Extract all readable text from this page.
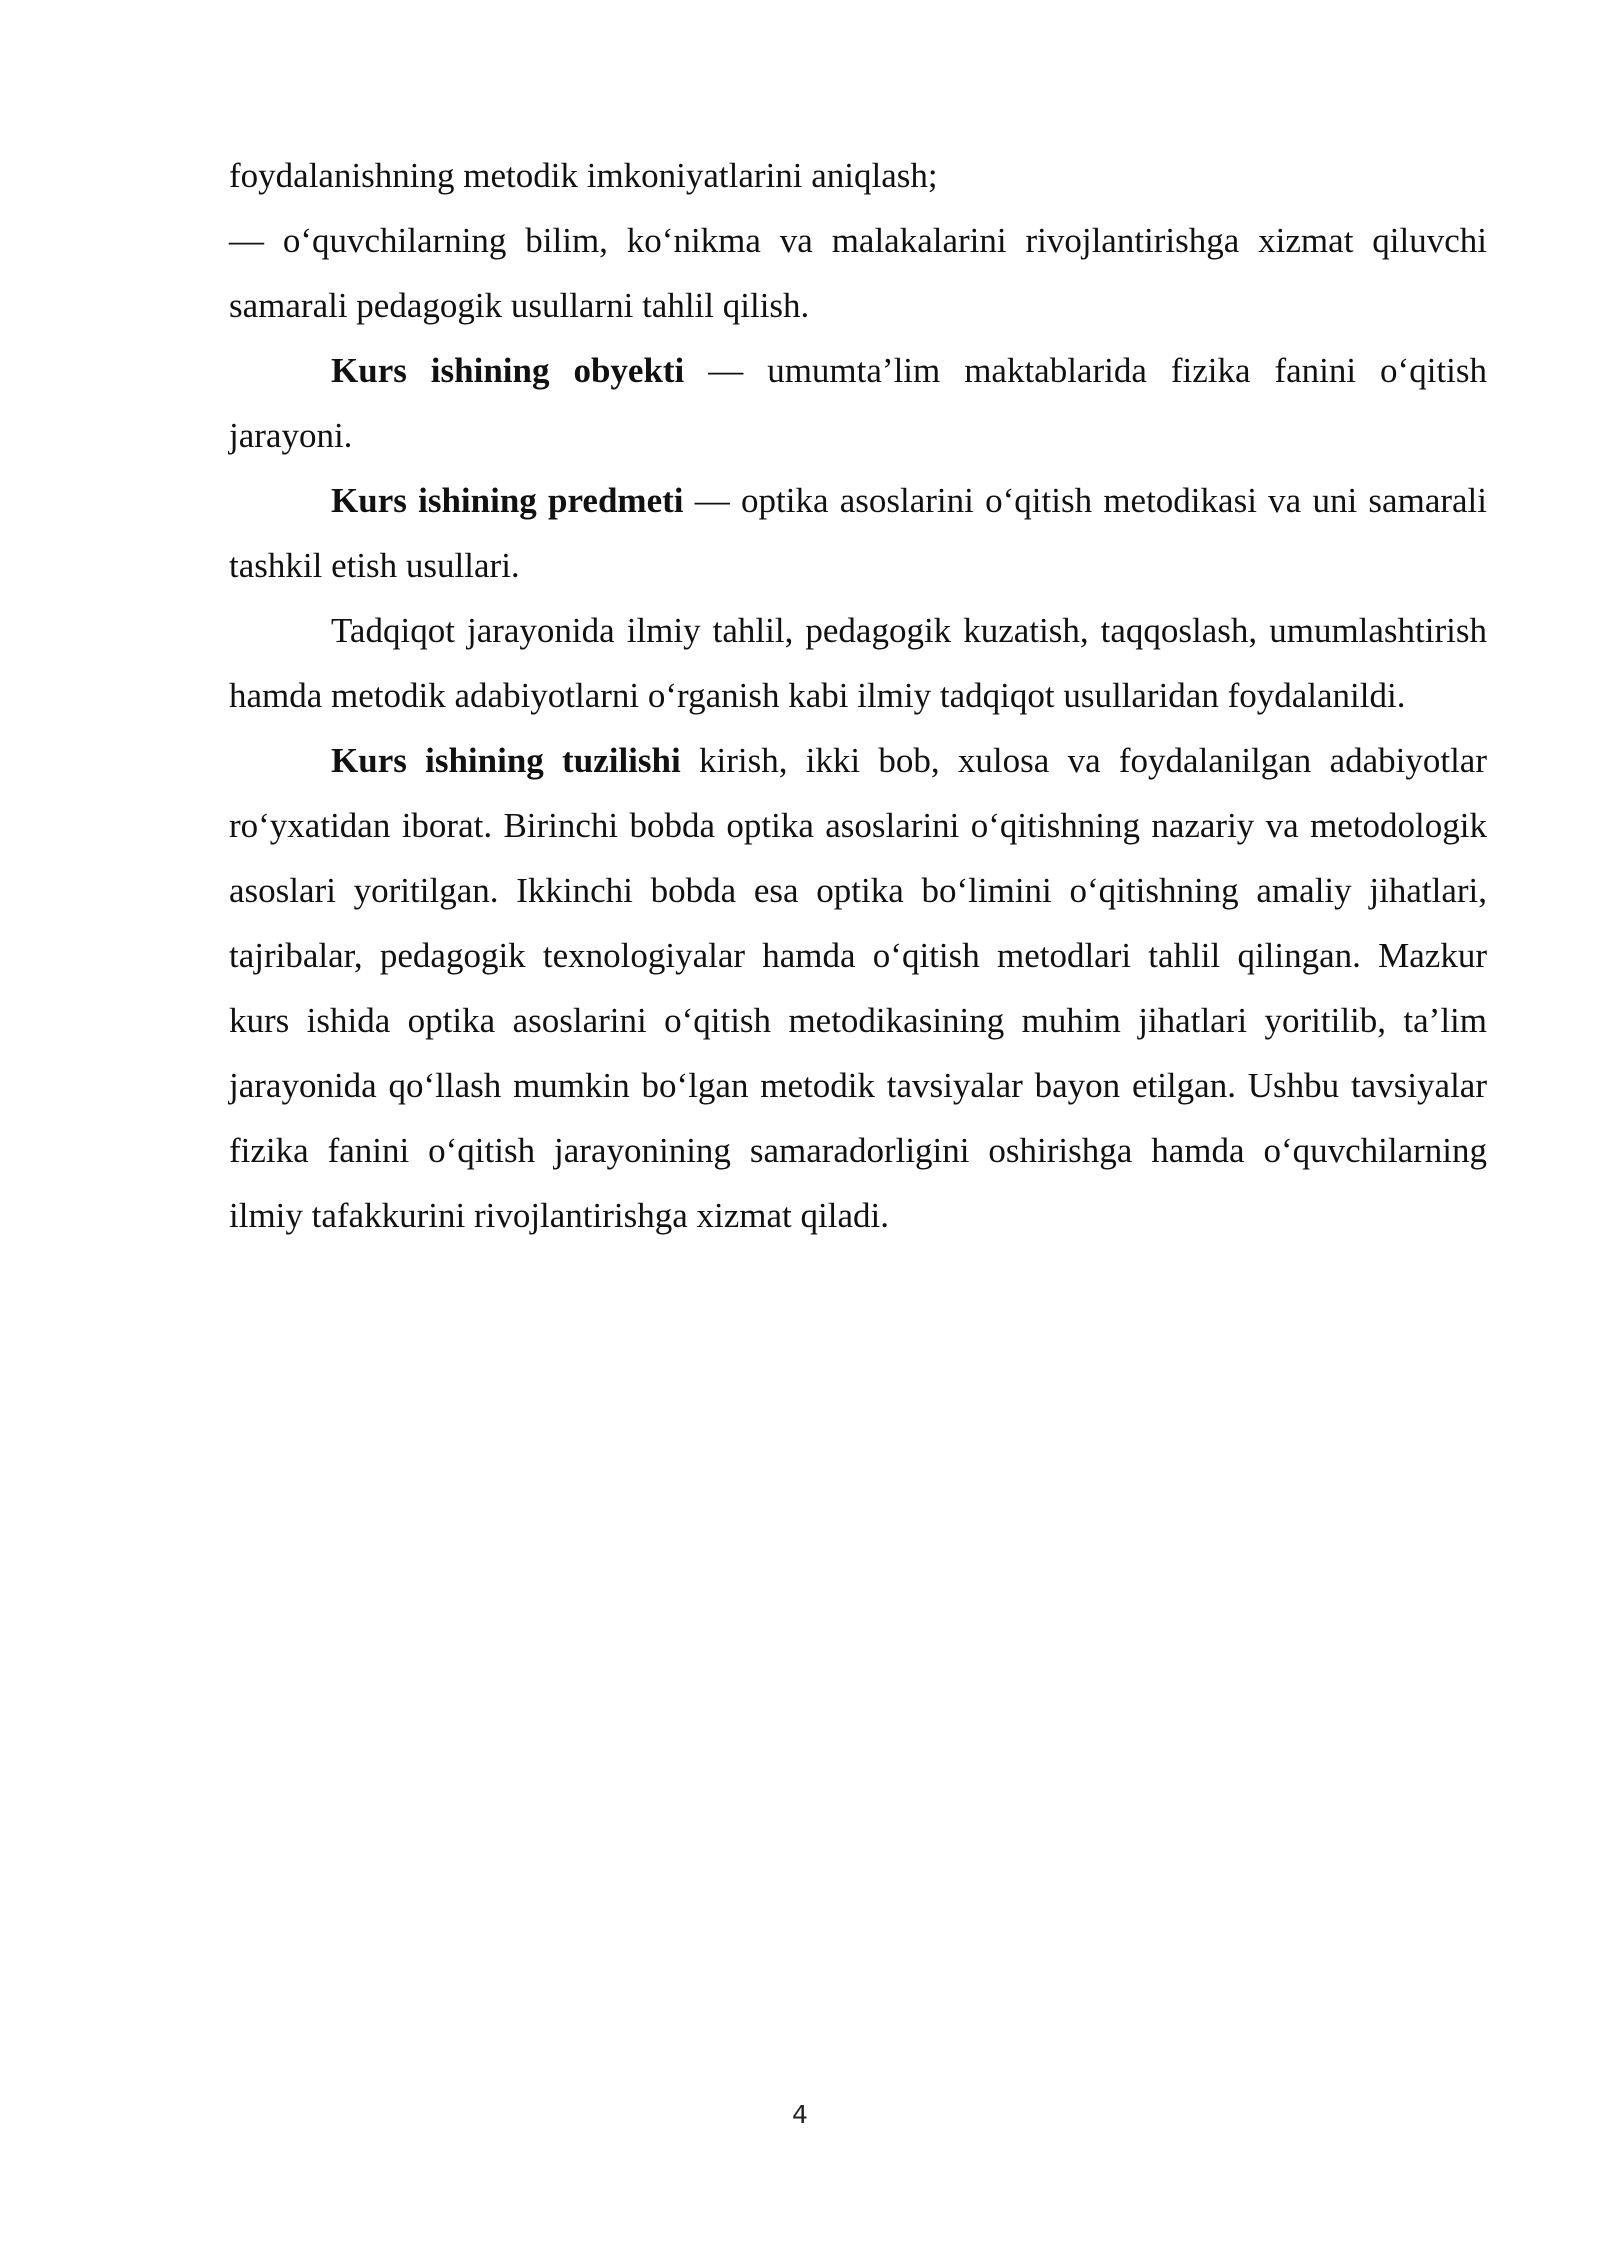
foydalanishning metodik imkoniyatlarini aniqlash;

— o‘quvchilarning bilim, ko‘nikma va malakalarini rivojlantirishga xizmat qiluvchi samarali pedagogik usullarni tahlil qilish.

Kurs ishining obyekti — umumta’lim maktablarida fizika fanini o‘qitish jarayoni.

Kurs ishining predmeti — optika asoslarini o‘qitish metodikasi va uni samarali tashkil etish usullari.

Tadqiqot jarayonida ilmiy tahlil, pedagogik kuzatish, taqqoslash, umumlashtirish hamda metodik adabiyotlarni o‘rganish kabi ilmiy tadqiqot usullaridan foydalanildi.

Kurs ishining tuzilishi kirish, ikki bob, xulosa va foydalanilgan adabiyotlar ro‘yxatidan iborat. Birinchi bobda optika asoslarini o‘qitishning nazariy va metodologik asoslari yoritilgan. Ikkinchi bobda esa optika bo‘limini o‘qitishning amaliy jihatlari, tajribalar, pedagogik texnologiyalar hamda o‘qitish metodlari tahlil qilingan. Mazkur kurs ishida optika asoslarini o‘qitish metodikasining muhim jihatlari yoritilib, ta’lim jarayonida qo‘llash mumkin bo‘lgan metodik tavsiyalar bayon etilgan. Ushbu tavsiyalar fizika fanini o‘qitish jarayonining samaradorligini oshirishga hamda o‘quvchilarning ilmiy tafakkurini rivojlantirishga xizmat qiladi.

4
